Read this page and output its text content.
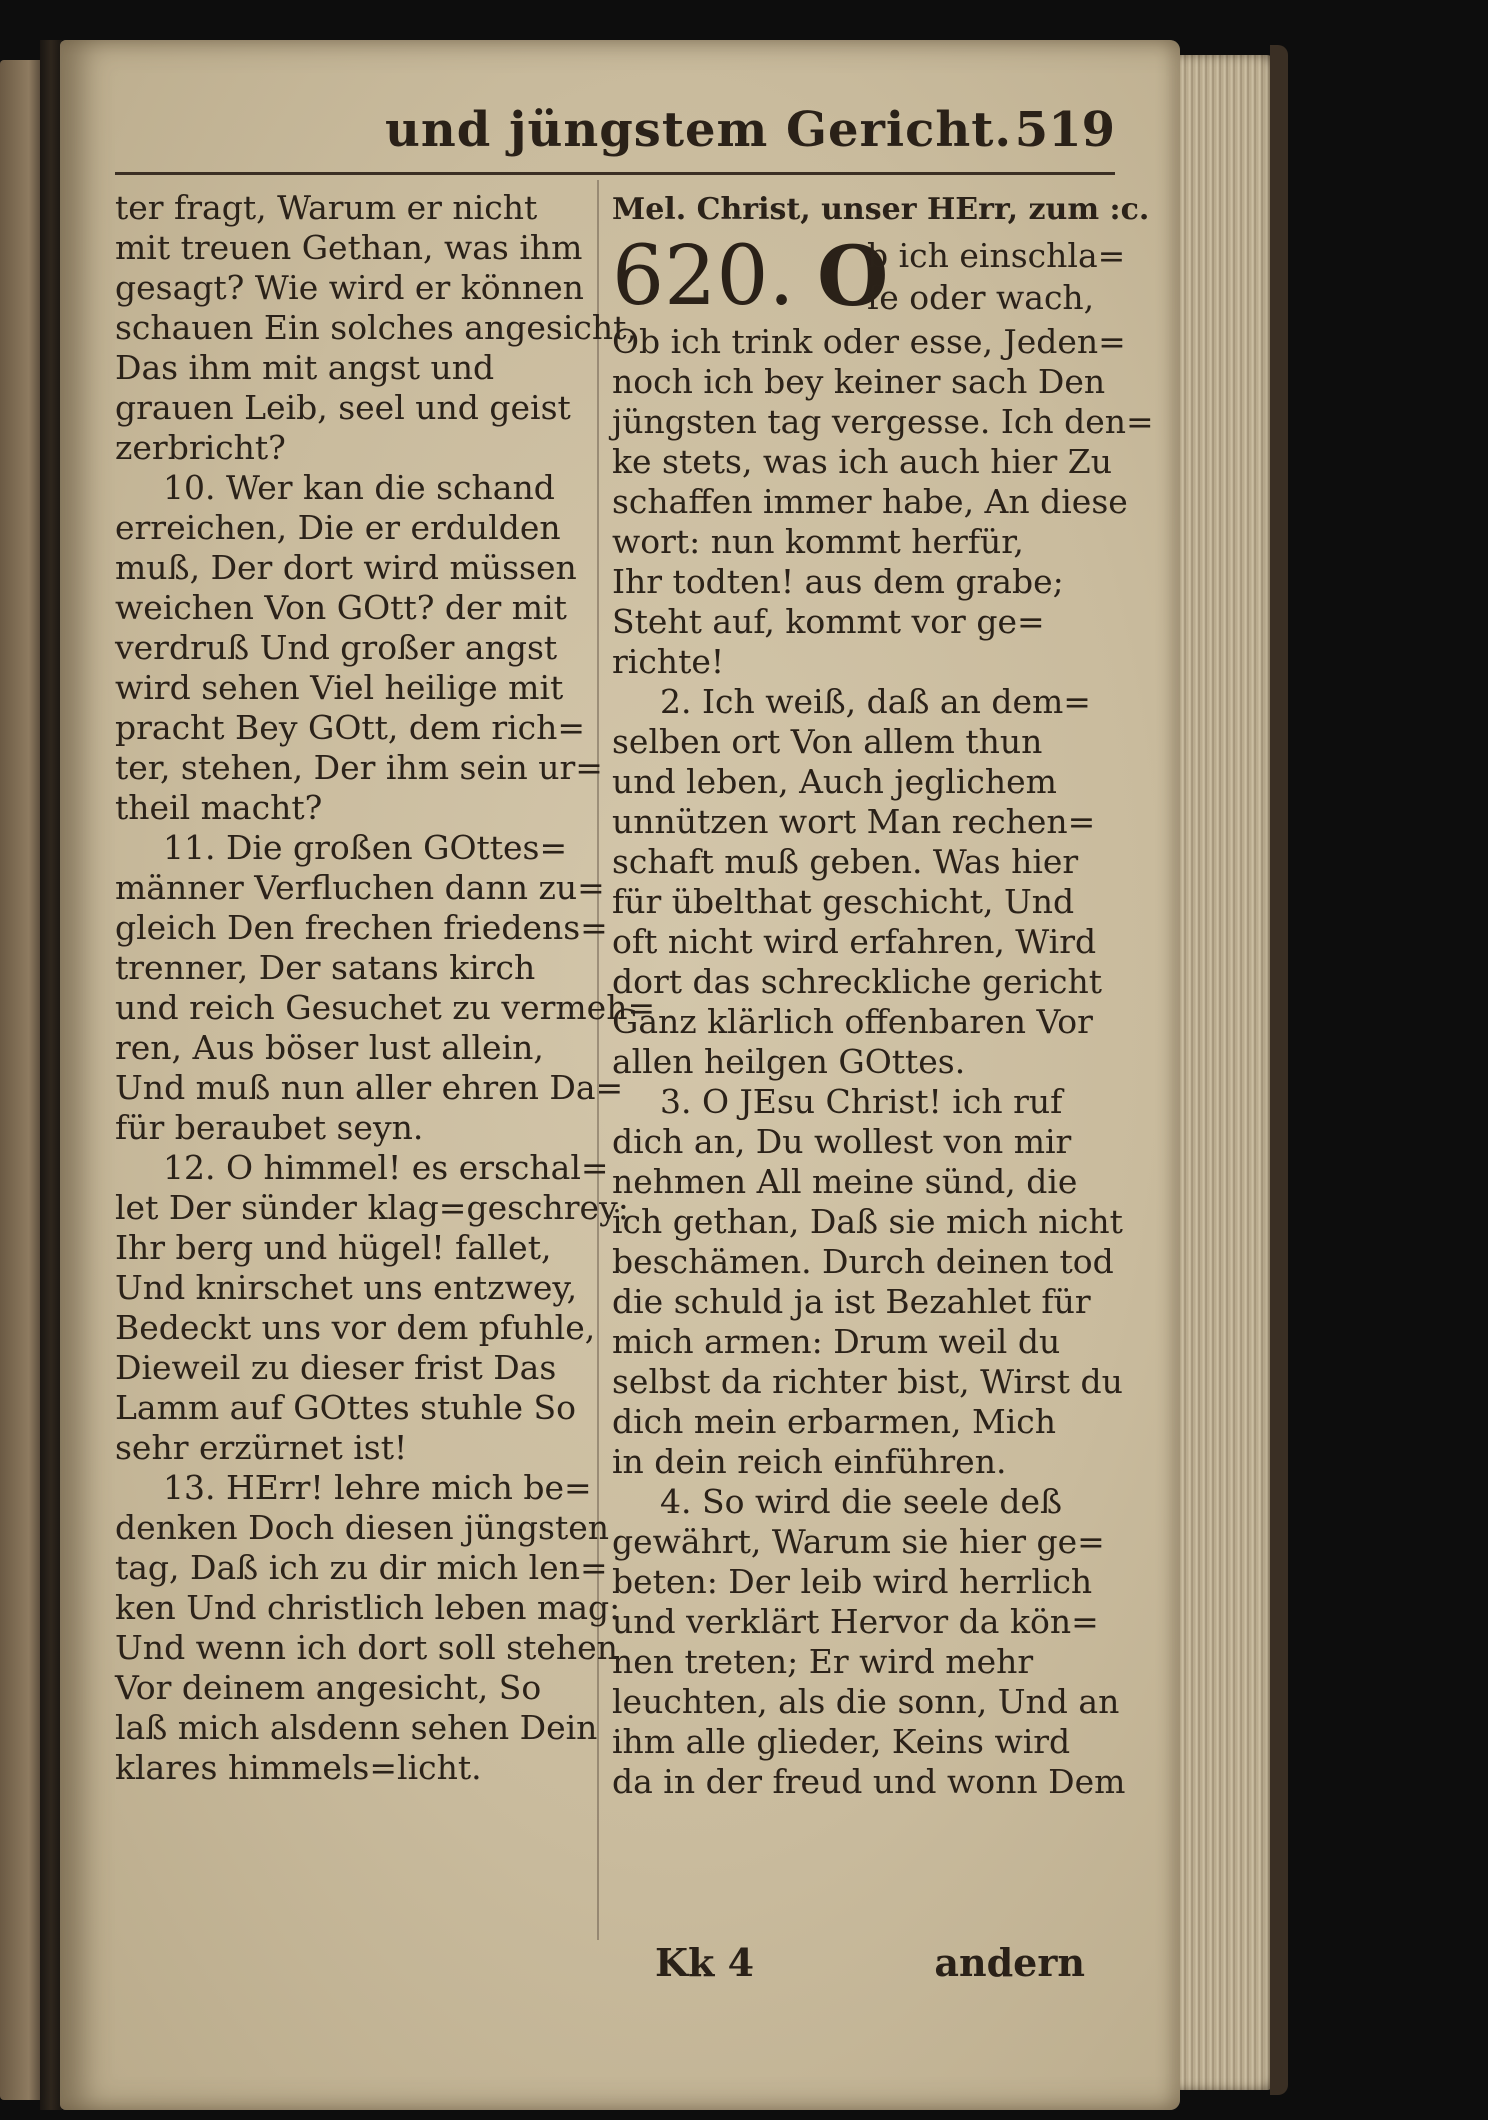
und jüngstem Gericht. 519
ter fragt, Warum er nicht
mit treuen Gethan, was ihm
gesagt? Wie wird er können
schauen Ein solches angesicht,
Das ihm mit angst und
grauen Leib, seel und geist
zerbricht?
10. Wer kan die schand
erreichen, Die er erdulden
muß, Der dort wird müssen
weichen Von GOtt? der mit
verdruß Und großer angst
wird sehen Viel heilige mit
pracht Bey GOtt, dem rich=
ter, stehen, Der ihm sein ur=
theil macht?
11. Die großen GOttes=
männer Verfluchen dann zu=
gleich Den frechen friedens=
trenner, Der satans kirch
und reich Gesuchet zu vermeh=
ren, Aus böser lust allein,
Und muß nun aller ehren Da=
für beraubet seyn.
12. O himmel! es erschal=
let Der sünder klag=geschrey:
Ihr berg und hügel! fallet,
Und knirschet uns entzwey,
Bedeckt uns vor dem pfuhle,
Dieweil zu dieser frist Das
Lamm auf GOttes stuhle So
sehr erzürnet ist!
13. HErr! lehre mich be=
denken Doch diesen jüngsten
tag, Daß ich zu dir mich len=
ken Und christlich leben mag:
Und wenn ich dort soll stehen
Vor deinem angesicht, So
laß mich alsdenn sehen Dein
klares himmels=licht.
Mel. Christ, unser HErr, zum :c.
620. O
b ich einschla=
fe oder wach,
Ob ich trink oder esse, Jeden=
noch ich bey keiner sach Den
jüngsten tag vergesse. Ich den=
ke stets, was ich auch hier Zu
schaffen immer habe, An diese
wort: nun kommt herfür,
Ihr todten! aus dem grabe;
Steht auf, kommt vor ge=
richte!
2. Ich weiß, daß an dem=
selben ort Von allem thun
und leben, Auch jeglichem
unnützen wort Man rechen=
schaft muß geben. Was hier
für übelthat geschicht, Und
oft nicht wird erfahren, Wird
dort das schreckliche gericht
Ganz klärlich offenbaren Vor
allen heilgen GOttes.
3. O JEsu Christ! ich ruf
dich an, Du wollest von mir
nehmen All meine sünd, die
ich gethan, Daß sie mich nicht
beschämen. Durch deinen tod
die schuld ja ist Bezahlet für
mich armen: Drum weil du
selbst da richter bist, Wirst du
dich mein erbarmen, Mich
in dein reich einführen.
4. So wird die seele deß
gewährt, Warum sie hier ge=
beten: Der leib wird herrlich
und verklärt Hervor da kön=
nen treten; Er wird mehr
leuchten, als die sonn, Und an
ihm alle glieder, Keins wird
da in der freud und wonn Dem
Kk 4	andern
